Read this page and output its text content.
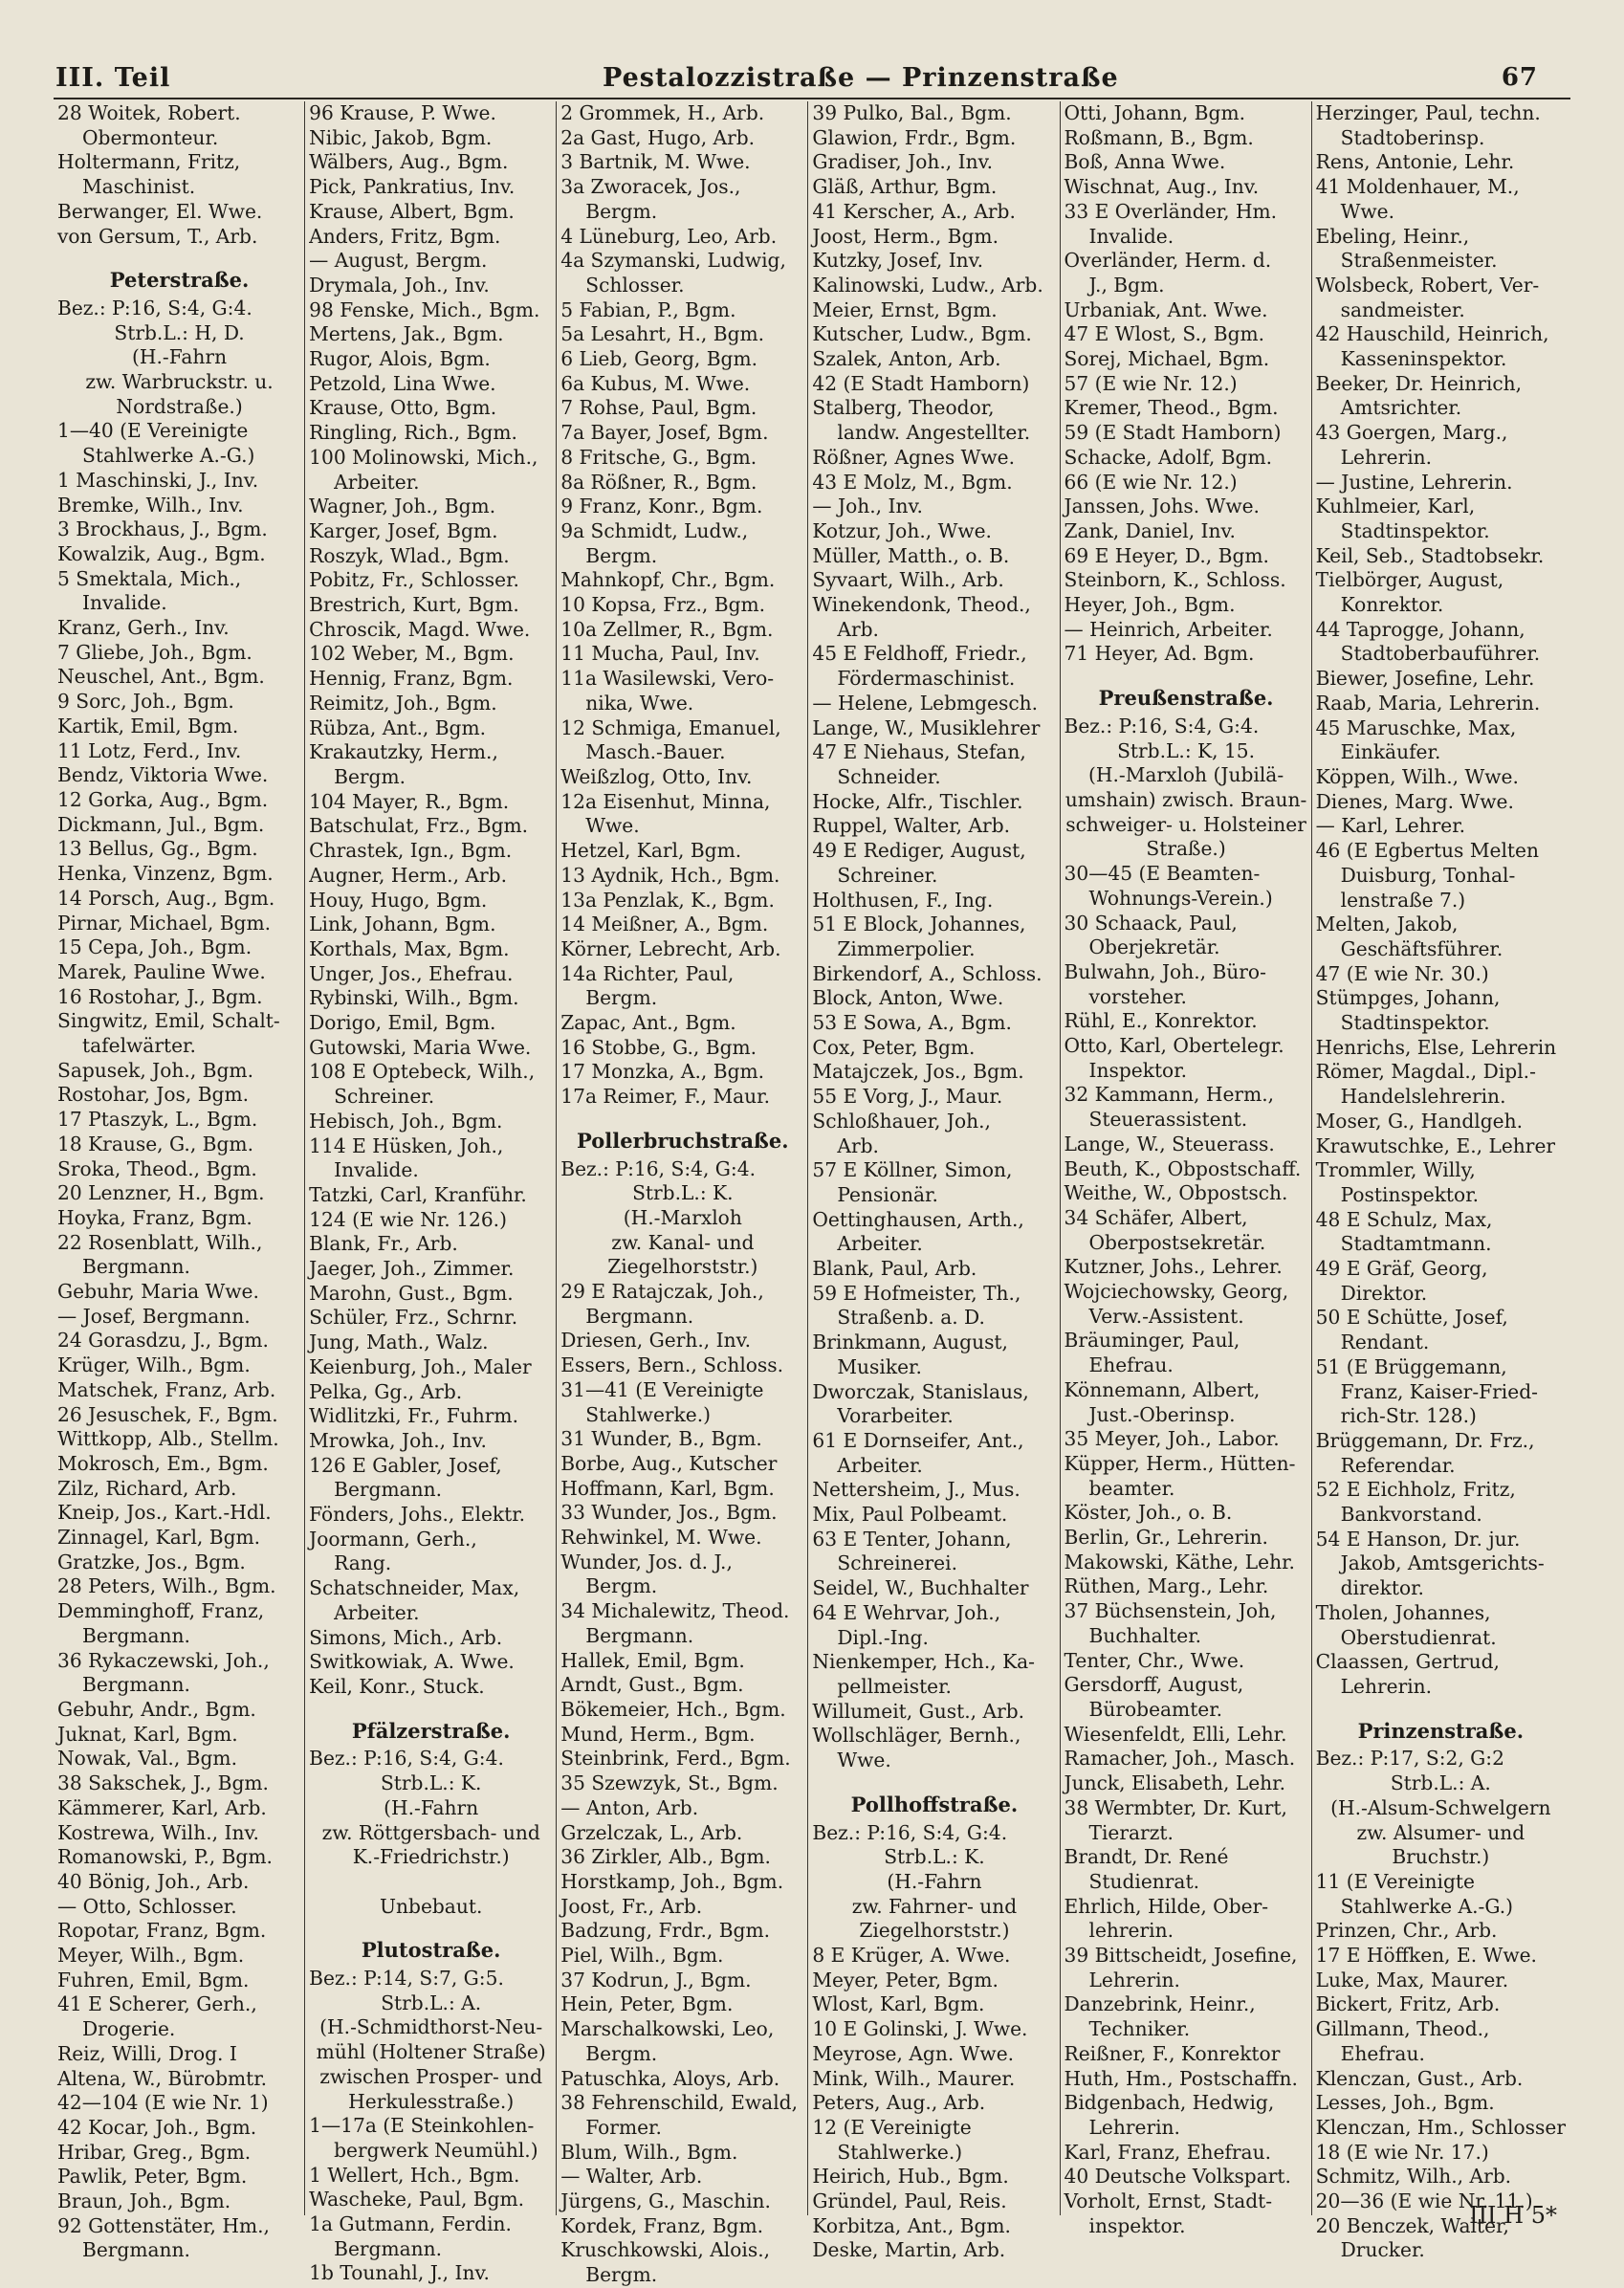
III. Teil	Pestalozzistraße — Prinzenstraße	67
28 Woitek, Robert.
Obermonteur.
Holtermann, Fritz,
Maschinist.
Berwanger, El. Wwe.
von Gersum, T., Arb.
Peterstraße.
Bez.: P:16, S:4, G:4.
Strb.L.: H, D.
(H.-Fahrn
zw. Warbruckstr. u.
Nordstraße.)
1—40 (E Vereinigte
Stahlwerke A.-G.)
1 Maschinski, J., Inv.
Bremke, Wilh., Inv.
3 Brockhaus, J., Bgm.
Kowalzik, Aug., Bgm.
5 Smektala, Mich.,
Invalide.
Kranz, Gerh., Inv.
7 Gliebe, Joh., Bgm.
Neuschel, Ant., Bgm.
9 Sorc, Joh., Bgm.
Kartik, Emil, Bgm.
11 Lotz, Ferd., Inv.
Bendz, Viktoria Wwe.
12 Gorka, Aug., Bgm.
Dickmann, Jul., Bgm.
13 Bellus, Gg., Bgm.
Henka, Vinzenz, Bgm.
14 Porsch, Aug., Bgm.
Pirnar, Michael, Bgm.
15 Cepa, Joh., Bgm.
Marek, Pauline Wwe.
16 Rostohar, J., Bgm.
Singwitz, Emil, Schalt-
tafelwärter.
Sapusek, Joh., Bgm.
Rostohar, Jos, Bgm.
17 Ptaszyk, L., Bgm.
18 Krause, G., Bgm.
Sroka, Theod., Bgm.
20 Lenzner, H., Bgm.
Hoyka, Franz, Bgm.
22 Rosenblatt, Wilh.,
Bergmann.
Gebuhr, Maria Wwe.
— Josef, Bergmann.
24 Gorasdzu, J., Bgm.
Krüger, Wilh., Bgm.
Matschek, Franz, Arb.
26 Jesuschek, F., Bgm.
Wittkopp, Alb., Stellm.
Mokrosch, Em., Bgm.
Zilz, Richard, Arb.
Kneip, Jos., Kart.-Hdl.
Zinnagel, Karl, Bgm.
Gratzke, Jos., Bgm.
28 Peters, Wilh., Bgm.
Demminghoff, Franz,
Bergmann.
36 Rykaczewski, Joh.,
Bergmann.
Gebuhr, Andr., Bgm.
Juknat, Karl, Bgm.
Nowak, Val., Bgm.
38 Sakschek, J., Bgm.
Kämmerer, Karl, Arb.
Kostrewa, Wilh., Inv.
Romanowski, P., Bgm.
40 Bönig, Joh., Arb.
— Otto, Schlosser.
Ropotar, Franz, Bgm.
Meyer, Wilh., Bgm.
Fuhren, Emil, Bgm.
41 E Scherer, Gerh.,
Drogerie.
Reiz, Willi, Drog. I
Altena, W., Bürobmtr.
42—104 (E wie Nr. 1)
42 Kocar, Joh., Bgm.
Hribar, Greg., Bgm.
Pawlik, Peter, Bgm.
Braun, Joh., Bgm.
92 Gottenstäter, Hm.,
Bergmann.
96 Krause, P. Wwe.
Nibic, Jakob, Bgm.
Wälbers, Aug., Bgm.
Pick, Pankratius, Inv.
Krause, Albert, Bgm.
Anders, Fritz, Bgm.
— August, Bergm.
Drymala, Joh., Inv.
98 Fenske, Mich., Bgm.
Mertens, Jak., Bgm.
Rugor, Alois, Bgm.
Petzold, Lina Wwe.
Krause, Otto, Bgm.
Ringling, Rich., Bgm.
100 Molinowski, Mich.,
Arbeiter.
Wagner, Joh., Bgm.
Karger, Josef, Bgm.
Roszyk, Wlad., Bgm.
Pobitz, Fr., Schlosser.
Brestrich, Kurt, Bgm.
Chroscik, Magd. Wwe.
102 Weber, M., Bgm.
Hennig, Franz, Bgm.
Reimitz, Joh., Bgm.
Rübza, Ant., Bgm.
Krakautzky, Herm.,
Bergm.
104 Mayer, R., Bgm.
Batschulat, Frz., Bgm.
Chrastek, Ign., Bgm.
Augner, Herm., Arb.
Houy, Hugo, Bgm.
Link, Johann, Bgm.
Korthals, Max, Bgm.
Unger, Jos., Ehefrau.
Rybinski, Wilh., Bgm.
Dorigo, Emil, Bgm.
Gutowski, Maria Wwe.
108 E Optebeck, Wilh.,
Schreiner.
Hebisch, Joh., Bgm.
114 E Hüsken, Joh.,
Invalide.
Tatzki, Carl, Kranführ.
124 (E wie Nr. 126.)
Blank, Fr., Arb.
Jaeger, Joh., Zimmer.
Marohn, Gust., Bgm.
Schüler, Frz., Schrnr.
Jung, Math., Walz.
Keienburg, Joh., Maler
Pelka, Gg., Arb.
Widlitzki, Fr., Fuhrm.
Mrowka, Joh., Inv.
126 E Gabler, Josef,
Bergmann.
Fönders, Johs., Elektr.
Joormann, Gerh.,
Rang.
Schatschneider, Max,
Arbeiter.
Simons, Mich., Arb.
Switkowiak, A. Wwe.
Keil, Konr., Stuck.
Pfälzerstraße.
Bez.: P:16, S:4, G:4.
Strb.L.: K.
(H.-Fahrn
zw. Röttgersbach- und
K.-Friedrichstr.)

Unbebaut.
Plutostraße.
Bez.: P:14, S:7, G:5.
Strb.L.: A.
(H.-Schmidthorst-Neu-
mühl (Holtener Straße)
zwischen Prosper- und
Herkulesstraße.)
1—17a (E Steinkohlen-
bergwerk Neumühl.)
1 Wellert, Hch., Bgm.
Wascheke, Paul, Bgm.
1a Gutmann, Ferdin.
Bergmann.
1b Tounahl, J., Inv.
2 Grommek, H., Arb.
2a Gast, Hugo, Arb.
3 Bartnik, M. Wwe.
3a Zworacek, Jos.,
Bergm.
4 Lüneburg, Leo, Arb.
4a Szymanski, Ludwig,
Schlosser.
5 Fabian, P., Bgm.
5a Lesahrt, H., Bgm.
6 Lieb, Georg, Bgm.
6a Kubus, M. Wwe.
7 Rohse, Paul, Bgm.
7a Bayer, Josef, Bgm.
8 Fritsche, G., Bgm.
8a Rößner, R., Bgm.
9 Franz, Konr., Bgm.
9a Schmidt, Ludw.,
Bergm.
Mahnkopf, Chr., Bgm.
10 Kopsa, Frz., Bgm.
10a Zellmer, R., Bgm.
11 Mucha, Paul, Inv.
11a Wasilewski, Vero-
nika, Wwe.
12 Schmiga, Emanuel,
Masch.-Bauer.
Weißzlog, Otto, Inv.
12a Eisenhut, Minna,
Wwe.
Hetzel, Karl, Bgm.
13 Aydnik, Hch., Bgm.
13a Penzlak, K., Bgm.
14 Meißner, A., Bgm.
Körner, Lebrecht, Arb.
14a Richter, Paul,
Bergm.
Zapac, Ant., Bgm.
16 Stobbe, G., Bgm.
17 Monzka, A., Bgm.
17a Reimer, F., Maur.
Pollerbruchstraße.
Bez.: P:16, S:4, G:4.
Strb.L.: K.
(H.-Marxloh
zw. Kanal- und
Ziegelhorststr.)
29 E Ratajczak, Joh.,
Bergmann.
Driesen, Gerh., Inv.
Essers, Bern., Schloss.
31—41 (E Vereinigte
Stahlwerke.)
31 Wunder, B., Bgm.
Borbe, Aug., Kutscher
Hoffmann, Karl, Bgm.
33 Wunder, Jos., Bgm.
Rehwinkel, M. Wwe.
Wunder, Jos. d. J.,
Bergm.
34 Michalewitz, Theod.
Bergmann.
Hallek, Emil, Bgm.
Arndt, Gust., Bgm.
Bökemeier, Hch., Bgm.
Mund, Herm., Bgm.
Steinbrink, Ferd., Bgm.
35 Szewzyk, St., Bgm.
— Anton, Arb.
Grzelczak, L., Arb.
36 Zirkler, Alb., Bgm.
Horstkamp, Joh., Bgm.
Joost, Fr., Arb.
Badzung, Frdr., Bgm.
Piel, Wilh., Bgm.
37 Kodrun, J., Bgm.
Hein, Peter, Bgm.
Marschalkowski, Leo,
Bergm.
Patuschka, Aloys, Arb.
38 Fehrenschild, Ewald,
Former.
Blum, Wilh., Bgm.
— Walter, Arb.
Jürgens, G., Maschin.
Kordek, Franz, Bgm.
Kruschkowski, Alois.,
Bergm.
39 Pulko, Bal., Bgm.
Glawion, Frdr., Bgm.
Gradiser, Joh., Inv.
Gläß, Arthur, Bgm.
41 Kerscher, A., Arb.
Joost, Herm., Bgm.
Kutzky, Josef, Inv.
Kalinowski, Ludw., Arb.
Meier, Ernst, Bgm.
Kutscher, Ludw., Bgm.
Szalek, Anton, Arb.
42 (E Stadt Hamborn)
Stalberg, Theodor,
landw. Angestellter.
Rößner, Agnes Wwe.
43 E Molz, M., Bgm.
— Joh., Inv.
Kotzur, Joh., Wwe.
Müller, Matth., o. B.
Syvaart, Wilh., Arb.
Winekendonk, Theod.,
Arb.
45 E Feldhoff, Friedr.,
Fördermaschinist.
— Helene, Lebmgesch.
Lange, W., Musiklehrer
47 E Niehaus, Stefan,
Schneider.
Hocke, Alfr., Tischler.
Ruppel, Walter, Arb.
49 E Rediger, August,
Schreiner.
Holthusen, F., Ing.
51 E Block, Johannes,
Zimmerpolier.
Birkendorf, A., Schloss.
Block, Anton, Wwe.
53 E Sowa, A., Bgm.
Cox, Peter, Bgm.
Matajczek, Jos., Bgm.
55 E Vorg, J., Maur.
Schloßhauer, Joh.,
Arb.
57 E Köllner, Simon,
Pensionär.
Oettinghausen, Arth.,
Arbeiter.
Blank, Paul, Arb.
59 E Hofmeister, Th.,
Straßenb. a. D.
Brinkmann, August,
Musiker.
Dworczak, Stanislaus,
Vorarbeiter.
61 E Dornseifer, Ant.,
Arbeiter.
Nettersheim, J., Mus.
Mix, Paul Polbeamt.
63 E Tenter, Johann,
Schreinerei.
Seidel, W., Buchhalter
64 E Wehrvar, Joh.,
Dipl.-Ing.
Nienkemper, Hch., Ka-
pellmeister.
Willumeit, Gust., Arb.
Wollschläger, Bernh.,
Wwe.
Pollhoffstraße.
Bez.: P:16, S:4, G:4.
Strb.L.: K.
(H.-Fahrn
zw. Fahrner- und
Ziegelhorststr.)
8 E Krüger, A. Wwe.
Meyer, Peter, Bgm.
Wlost, Karl, Bgm.
10 E Golinski, J. Wwe.
Meyrose, Agn. Wwe.
Mink, Wilh., Maurer.
Peters, Aug., Arb.
12 (E Vereinigte
Stahlwerke.)
Heirich, Hub., Bgm.
Gründel, Paul, Reis.
Korbitza, Ant., Bgm.
Deske, Martin, Arb.
Otti, Johann, Bgm.
Roßmann, B., Bgm.
Boß, Anna Wwe.
Wischnat, Aug., Inv.
33 E Overländer, Hm.
Invalide.
Overländer, Herm. d.
J., Bgm.
Urbaniak, Ant. Wwe.
47 E Wlost, S., Bgm.
Sorej, Michael, Bgm.
57 (E wie Nr. 12.)
Kremer, Theod., Bgm.
59 (E Stadt Hamborn)
Schacke, Adolf, Bgm.
66 (E wie Nr. 12.)
Janssen, Johs. Wwe.
Zank, Daniel, Inv.
69 E Heyer, D., Bgm.
Steinborn, K., Schloss.
Heyer, Joh., Bgm.
— Heinrich, Arbeiter.
71 Heyer, Ad. Bgm.
Preußenstraße.
Bez.: P:16, S:4, G:4.
Strb.L.: K, 15.
(H.-Marxloh (Jubilä-
umshain) zwisch. Braun-
schweiger- u. Holsteiner
Straße.)
30—45 (E Beamten-
Wohnungs-Verein.)
30 Schaack, Paul,
Oberjekretär.
Bulwahn, Joh., Büro-
vorsteher.
Rühl, E., Konrektor.
Otto, Karl, Obertelegr.
Inspektor.
32 Kammann, Herm.,
Steuerassistent.
Lange, W., Steuerass.
Beuth, K., Obpostschaff.
Weithe, W., Obpostsch.
34 Schäfer, Albert,
Oberpostsekretär.
Kutzner, Johs., Lehrer.
Wojciechowsky, Georg,
Verw.-Assistent.
Bräuminger, Paul,
Ehefrau.
Könnemann, Albert,
Just.-Oberinsp.
35 Meyer, Joh., Labor.
Küpper, Herm., Hütten-
beamter.
Köster, Joh., o. B.
Berlin, Gr., Lehrerin.
Makowski, Käthe, Lehr.
Rüthen, Marg., Lehr.
37 Büchsenstein, Joh,
Buchhalter.
Tenter, Chr., Wwe.
Gersdorff, August,
Bürobeamter.
Wiesenfeldt, Elli, Lehr.
Ramacher, Joh., Masch.
Junck, Elisabeth, Lehr.
38 Wermbter, Dr. Kurt,
Tierarzt.
Brandt, Dr. René
Studienrat.
Ehrlich, Hilde, Ober-
lehrerin.
39 Bittscheidt, Josefine,
Lehrerin.
Danzebrink, Heinr.,
Techniker.
Reißner, F., Konrektor
Huth, Hm., Postschaffn.
Bidgenbach, Hedwig,
Lehrerin.
Karl, Franz, Ehefrau.
40 Deutsche Volkspart.
Vorholt, Ernst, Stadt-
inspektor.
Herzinger, Paul, techn.
Stadtoberinsp.
Rens, Antonie, Lehr.
41 Moldenhauer, M.,
Wwe.
Ebeling, Heinr.,
Straßenmeister.
Wolsbeck, Robert, Ver-
sandmeister.
42 Hauschild, Heinrich,
Kasseninspektor.
Beeker, Dr. Heinrich,
Amtsrichter.
43 Goergen, Marg.,
Lehrerin.
— Justine, Lehrerin.
Kuhlmeier, Karl,
Stadtinspektor.
Keil, Seb., Stadtobsekr.
Tielbörger, August,
Konrektor.
44 Taprogge, Johann,
Stadtoberbauführer.
Biewer, Josefine, Lehr.
Raab, Maria, Lehrerin.
45 Maruschke, Max,
Einkäufer.
Köppen, Wilh., Wwe.
Dienes, Marg. Wwe.
— Karl, Lehrer.
46 (E Egbertus Melten
Duisburg, Tonhal-
lenstraße 7.)
Melten, Jakob,
Geschäftsführer.
47 (E wie Nr. 30.)
Stümpges, Johann,
Stadtinspektor.
Henrichs, Else, Lehrerin
Römer, Magdal., Dipl.-
Handelslehrerin.
Moser, G., Handlgeh.
Krawutschke, E., Lehrer
Trommler, Willy,
Postinspektor.
48 E Schulz, Max,
Stadtamtmann.
49 E Gräf, Georg,
Direktor.
50 E Schütte, Josef,
Rendant.
51 (E Brüggemann,
Franz, Kaiser-Fried-
rich-Str. 128.)
Brüggemann, Dr. Frz.,
Referendar.
52 E Eichholz, Fritz,
Bankvorstand.
54 E Hanson, Dr. jur.
Jakob, Amtsgerichts-
direktor.
Tholen, Johannes,
Oberstudienrat.
Claassen, Gertrud,
Lehrerin.
Prinzenstraße.
Bez.: P:17, S:2, G:2
Strb.L.: A.
(H.-Alsum-Schwelgern
zw. Alsumer- und
Bruchstr.)
11 (E Vereinigte
Stahlwerke A.-G.)
Prinzen, Chr., Arb.
17 E Höffken, E. Wwe.
Luke, Max, Maurer.
Bickert, Fritz, Arb.
Gillmann, Theod.,
Ehefrau.
Klenczan, Gust., Arb.
Lesses, Joh., Bgm.
Klenczan, Hm., Schlosser
18 (E wie Nr. 17.)
Schmitz, Wilh., Arb.
20—36 (E wie Nr. 11.)
20 Benczek, Walter,
Drucker.
III H 5*
